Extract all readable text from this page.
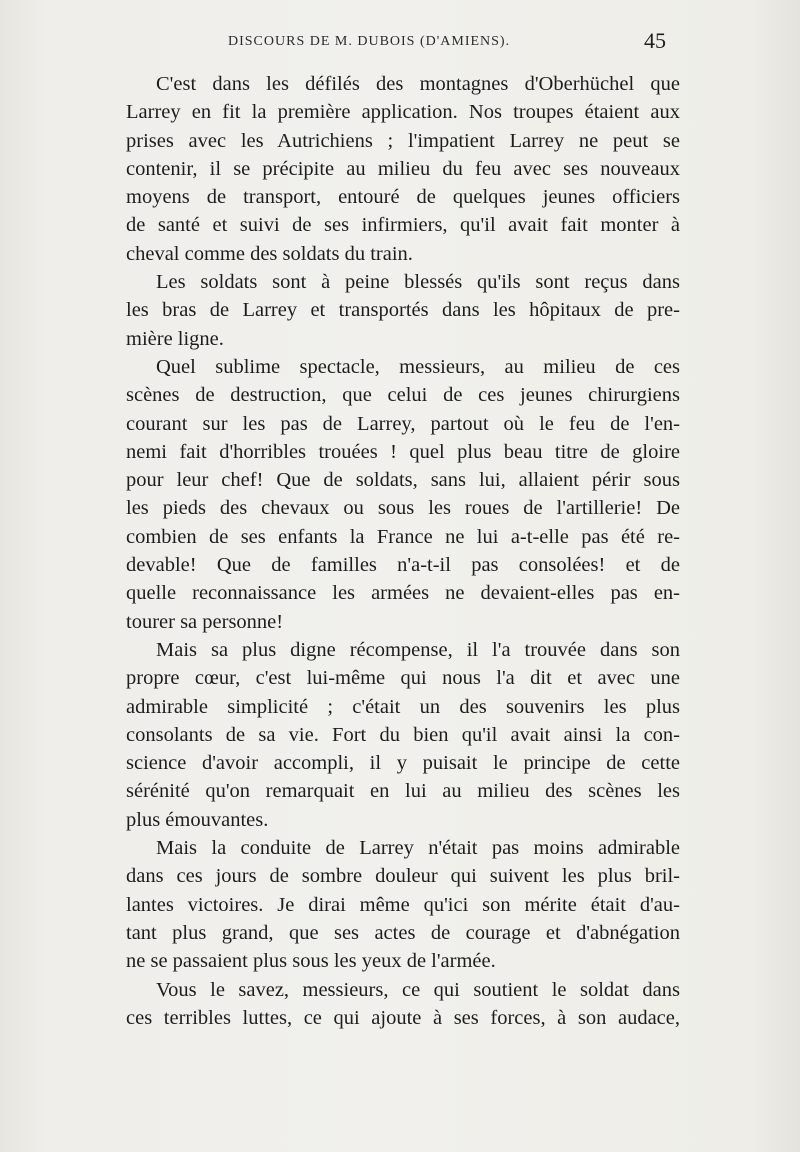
DISCOURS DE M. DUBOIS (D'AMIENS).	45
C'est dans les défilés des montagnes d'Oberhüchel que
Larrey en fit la première application. Nos troupes étaient aux
prises avec les Autrichiens ; l'impatient Larrey ne peut se
contenir, il se précipite au milieu du feu avec ses nouveaux
moyens de transport, entouré de quelques jeunes officiers
de santé et suivi de ses infirmiers, qu'il avait fait monter à
cheval comme des soldats du train.
Les soldats sont à peine blessés qu'ils sont reçus dans
les bras de Larrey et transportés dans les hôpitaux de pre-
mière ligne.
Quel sublime spectacle, messieurs, au milieu de ces
scènes de destruction, que celui de ces jeunes chirurgiens
courant sur les pas de Larrey, partout où le feu de l'en-
nemi fait d'horribles trouées ! quel plus beau titre de gloire
pour leur chef! Que de soldats, sans lui, allaient périr sous
les pieds des chevaux ou sous les roues de l'artillerie! De
combien de ses enfants la France ne lui a-t-elle pas été re-
devable! Que de familles n'a-t-il pas consolées! et de
quelle reconnaissance les armées ne devaient-elles pas en-
tourer sa personne!
Mais sa plus digne récompense, il l'a trouvée dans son
propre cœur, c'est lui-même qui nous l'a dit et avec une
admirable simplicité ; c'était un des souvenirs les plus
consolants de sa vie. Fort du bien qu'il avait ainsi la con-
science d'avoir accompli, il y puisait le principe de cette
sérénité qu'on remarquait en lui au milieu des scènes les
plus émouvantes.
Mais la conduite de Larrey n'était pas moins admirable
dans ces jours de sombre douleur qui suivent les plus bril-
lantes victoires. Je dirai même qu'ici son mérite était d'au-
tant plus grand, que ses actes de courage et d'abnégation
ne se passaient plus sous les yeux de l'armée.
Vous le savez, messieurs, ce qui soutient le soldat dans
ces terribles luttes, ce qui ajoute à ses forces, à son audace,
